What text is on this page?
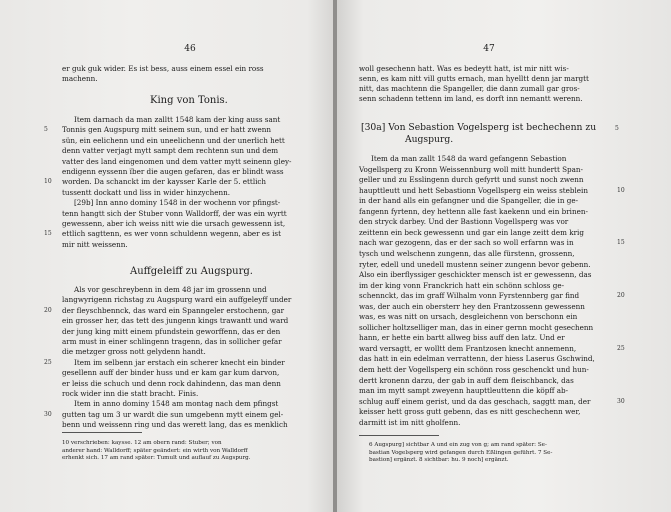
46
er guk guk wider. Es ist bess, auss einem essel ein ross
machenn.
King von Tonis.
Item darnach da man zalltt 1548 kam der king auss sant
Tonnis gen Augspurg mitt seinem sun, und er hatt zwenn
5
sün, ein eelichenn und ein uneelichenn und der unerlich hett
denn vatter verjagt mytt sampt dem rechtenn sun und dem
vatter des land eingenomen und dem vatter mytt seinenn gley-
endigenn eyssenn ïber die augen gefaren, das er blindt wass
worden. Da schanckt im der kaysser Karle der 5. ettlich
10
tussentt dockatt und liss in wider hinzychenn.
[29b] Inn anno dominy 1548 in der wochenn vor pfingst-
tenn hangtt sich der Stuber vonn Walldorff, der was ein wyrtt
gewessenn, aber ich weiss nitt wie die ursach gewessenn ist,
ettlich sagttenn, es wer vonn schuldenn wegenn, aber es ist
15
mir nitt weissenn.
Auffgeleiff zu Augspurg.
Als vor geschreybenn in dem 48 jar im grossenn und
langwyrigenn richstag zu Augspurg ward ein auffgeleyff under
der fleyschbennck, das ward ein Spanngeler erstochenn, gar
20
ein grosser her, das tett des jungenn kings trawantt und ward
der jung king mitt einem pfundstein geworffenn, das er den
arm must in einer schlingenn tragenn, das in sollicher gefar
die metzger gross nott gelydenn handt.
Item im selbenn jar erstach ein scherer knecht ein binder
25
gesellenn auff der binder huss und er kam gar kum darvon,
er leiss die schuch und denn rock dahindenn, das man denn
rock wider inn die statt bracht. Finis.
Item in anno dominy 1548 am montag nach dem pfingst
gutten tag um 3 ur wardt die sun umgebenn mytt einem gel-
30
benn und weissenn ring und das werett lang, das es menklich
10 verschrieben: kaysse. 12 am obern rand: Stuber; von
anderer hand: Walldorff; später geändert: ein wirth von Walldorff
erhenkt sich. 17 am rand später: Tumult und auflauf zu Augspurg.
47
woll gesechenn hatt. Was es bedeytt hatt, ist mir nitt wis-
senn, es kam nitt vill gutts ernach, man hyelltt denn jar margtt
nitt, das machtenn die Spangeller, die dann zumall gar gros-
senn schadenn tettenn im land, es dorft inn nemantt werenn.
[30a] Von Sebastion Vogelsperg ist bechechenn zu	5
Augspurg.
Item da man zallt 1548 da ward gefangenn Sebastion
Vogellsperg zu Kronn Weissennburg woll mitt hundertt Span-
geller und zu Esslingenn durch gefyrtt und sunst noch zwenn
haupttleutt und hett Sebastionn Vogellsperg ein weiss steblein	10
in der hand alls ein gefangner und die Spangeller, die in ge-
fangenn fyrtenn, dey hettenn alle fast kaekenn und ein brinen-
den stryck darbey. Und der Bastionn Vogellsperg was vor
zeittenn ein beck gewessenn und gar ein lange zeitt dem krig
nach war gezogenn, das er der sach so woll erfarnn was in	15
tysch und welschenn zungenn, das alle fürstenn, grossenn,
ryter, edell und unedell mustenn seiner zungenn bevor gebenn.
Also ein iberflyssiger geschickter mensch ist er gewessenn, das
im der king vonn Franckrich hatt ein schönn schloss ge-
schennckt, das im graff Wilhalm vonn Fyrstennberg gar find	20
was, der auch ein obersterr hey den Frantzossenn gewessenn
was, es was nitt on ursach, desgleichenn von berschonn ein
sollicher holtzselliger man, das in einer gernn mocht gesechenn
hann, er hette ein bartt allweg biss auff den latz. Und er
ward versagtt, er wolltt dem Frantzosen knecht annemenn,	25
das hatt in ein edelman verrattenn, der hiess Laserus Gschwind,
dem hett der Vogellsperg ein schönn ross geschenckt und hun-
dertt kronenn darzu, der gab in auff dem fleischbanck, das
man im mytt sampt zweyenn haupttleuttenn die köpff ab-
schlug auff einem gerist, und da das geschach, saggtt man, der	30
keisser hett gross gutt gebenn, das es nitt geschechenn wer,
darmitt ist im nitt gholfenn.
6 Augspurg] sichtbar A und ein zug von g; am rand später: Se-
bastian Vogelsperg wird gefangen durch Eßlingen geführt. 7 Se-
bastion] ergänzt. 8 sichtbar: hu. 9 noch] ergänzt.
